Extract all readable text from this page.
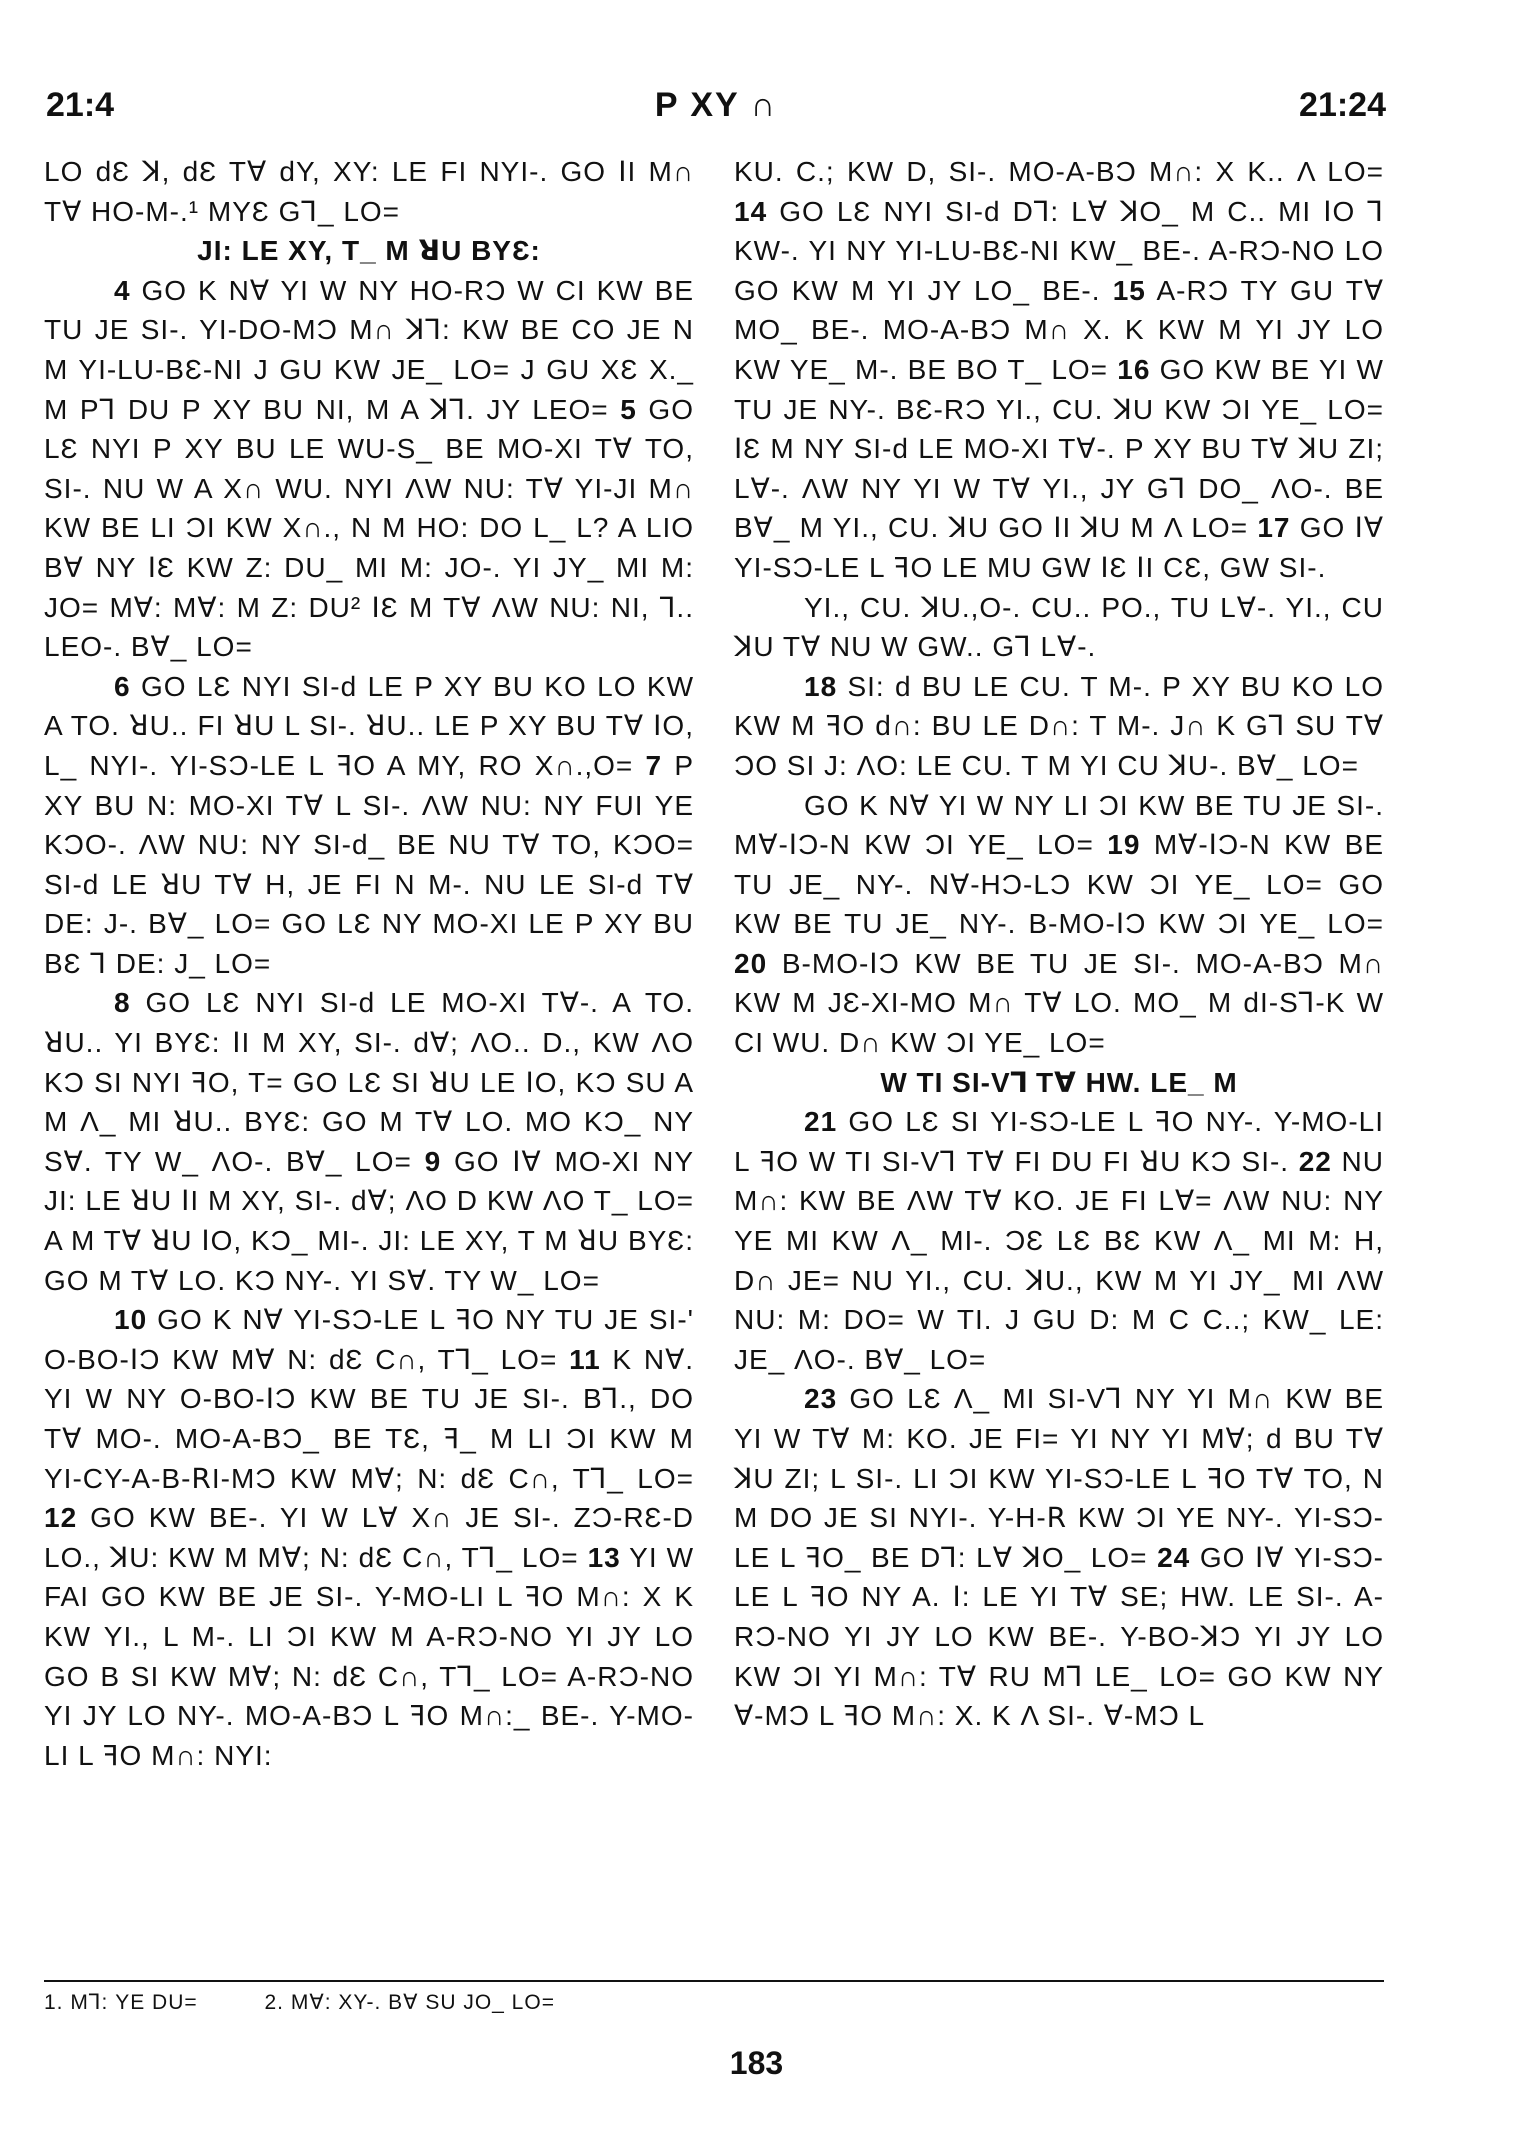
21:4	P XY ∩	21:24

LO ԁƐ ꓘ, ԁƐ T∀ ԁY, XY: LE FI NYI-. GO ꓲI M∩ T∀ HO-M-.¹ MYƐ Gꓶ_ LO=

JI: LE XY, T_ M ꓤU BYƐ:

4 GO K N∀ YI W NY HO-RƆ W CI KW BE TU JE SI-. YI-DO-MƆ M∩ ꓘꓶ: KW BE CO JE N M YI-LU-BƐ-NI J GU KW JE_ LO= J GU XƐ X._ M Pꓶ DU P XY BU NI, M A ꓘꓶ. JY LEO= 5 GO LƐ NYI P XY BU LE WU-S_ BE MO-XI T∀ TO, SI-. NU W A X∩ WU. NYI ΛW NU: T∀ YI-JI M∩ KW BE LI ƆI KW X∩., N M HO: DO L_ L? A LIO B∀ NY ꓲƐ KW Z: DU_ MI M: JO-. YI JY_ MI M: JO= M∀: M∀: M Z: DU² ꓲƐ M T∀ ΛW NU: NI, ꓶ.. LEO-. B∀_ LO=

6 GO LƐ NYI SI-ԁ LE P XY BU KO LO KW A TO. ꓤU.. FI ꓤU L SI-. ꓤU.. LE P XY BU T∀ ꓲO, L_ NYI-. YI-SƆ-LE L ꟻO A MY, RO X∩.,O= 7 P XY BU N: MO-XI T∀ L SI-. ΛW NU: NY FUI YE KƆO-. ΛW NU: NY SI-ԁ_ BE NU T∀ TO, KƆO= SI-ԁ LE ꓤU T∀ H, JE FI N M-. NU LE SI-ԁ T∀ DE: J-. B∀_ LO= GO LƐ NY MO-XI LE P XY BU BƐ ꓶ DE: J_ LO=

8 GO LƐ NYI SI-ԁ LE MO-XI T∀-. A TO. ꓤU.. YI BYƐ: ꓲI M XY, SI-. ԁ∀; ΛO.. D., KW ΛO KƆ SI NYI ꟻO, T= GO LƐ SI ꓤU LE ꓲO, KƆ SU A M Λ_ MI ꓤU.. BYƐ: GO M T∀ LO. MO KƆ_ NY S∀. TY W_ ΛO-. B∀_ LO= 9 GO ꓲ∀ MO-XI NY JI: LE ꓤU ꓲI M XY, SI-. ԁ∀; ΛO D KW ΛO T_ LO= A M T∀ ꓤU ꓲO, KƆ_ MI-. JI: LE XY, T M ꓤU BYƐ: GO M T∀ LO. KƆ NY-. YI S∀. TY W_ LO=

10 GO K N∀ YI-SƆ-LE L ꟻO NY TU JE SI-' O-BO-ꓲƆ KW M∀ N: ԁƐ C∩, Tꓶ_ LO= 11 K N∀. YI W NY O-BO-ꓲƆ KW BE TU JE SI-. Bꓶ., DO T∀ MO-. MO-A-BƆ_ BE TƐ, ꟻ_ M LI ƆI KW M YI-CY-A-B-ꓣI-MƆ KW M∀; N: ԁƐ C∩, Tꓶ_ LO= 12 GO KW BE-. YI W L∀ X∩ JE SI-. ZƆ-RƐ-D LO., ꓘU: KW M M∀; N: ԁƐ C∩, Tꓶ_ LO= 13 YI W FAI GO KW BE JE SI-. Y-MO-LI L ꟻO M∩: X K KW YI., L M-. LI ƆI KW M A-RƆ-NO YI JY LO GO B SI KW M∀; N: ԁƐ C∩, Tꓶ_ LO= A-RƆ-NO YI JY LO NY-. MO-A-BƆ L ꟻO M∩:_ BE-. Y-MO-LI L ꟻO M∩: NYI:

KU. C.; KW D, SI-. MO-A-BƆ M∩: X K.. Λ LO= 14 GO LƐ NYI SI-ԁ Dꓶ: L∀ ꓘO_ M C.. MI ꓲO ꓶ KW-. YI NY YI-LU-BƐ-NI KW_ BE-. A-RƆ-NO LO GO KW M YI JY LO_ BE-. 15 A-RƆ TY GU T∀ MO_ BE-. MO-A-BƆ M∩ X. K KW M YI JY LO KW YE_ M-. BE BO T_ LO= 16 GO KW BE YI W TU JE NY-. BƐ-RƆ YI., CU. ꓘU KW ƆI YE_ LO= ꓲƐ M NY SI-ԁ LE MO-XI T∀-. P XY BU T∀ ꓘU ZI; L∀-. ΛW NY YI W T∀ YI., JY Gꓶ DO_ ΛO-. BE B∀_ M YI., CU. ꓘU GO ꓲI ꓘU M Λ LO= 17 GO ꓲ∀ YI-SƆ-LE L ꟻO LE MU GW ꓲƐ ꓲI CƐ, GW SI-.

YI., CU. ꓘU.,O-. CU.. PO., TU L∀-. YI., CU ꓘU T∀ NU W GW.. Gꓶ L∀-.

18 SI: ԁ BU LE CU. T M-. P XY BU KO LO KW M ꟻO ԁ∩: BU LE D∩: T M-. J∩ K Gꓶ SU T∀ ƆO SI J: ΛO: LE CU. T M YI CU ꓘU-. B∀_ LO=

GO K N∀ YI W NY LI ƆI KW BE TU JE SI-. M∀-ꓲƆ-N KW ƆI YE_ LO= 19 M∀-ꓲƆ-N KW BE TU JE_ NY-. N∀-HƆ-LƆ KW ƆI YE_ LO= GO KW BE TU JE_ NY-. B-MO-ꓲƆ KW ƆI YE_ LO= 20 B-MO-ꓲƆ KW BE TU JE SI-. MO-A-BƆ M∩ KW M JƐ-XI-MO M∩ T∀ LO. MO_ M ԁI-Sꓶ-K W CI WU. D∩ KW ƆI YE_ LO=

W TI SI-Vꓶ T∀ HW. LE_ M

21 GO LƐ SI YI-SƆ-LE L ꟻO NY-. Y-MO-LI L ꟻO W TI SI-Vꓶ T∀ FI DU FI ꓤU KƆ SI-. 22 NU M∩: KW BE ΛW T∀ KO. JE FI L∀= ΛW NU: NY YE MI KW Λ_ MI-. ƆƐ LƐ BƐ KW Λ_ MI M: H, D∩ JE= NU YI., CU. ꓘU., KW M YI JY_ MI ΛW NU: M: DO= W TI. J GU D: M C C..; KW_ LE: JE_ ΛO-. B∀_ LO=

23 GO LƐ Λ_ MI SI-Vꓶ NY YI M∩ KW BE YI W T∀ M: KO. JE FI= YI NY YI M∀; ԁ BU T∀ ꓘU ZI; L SI-. LI ƆI KW YI-SƆ-LE L ꟻO T∀ TO, N M DO JE SI NYI-. Y-H-ꓣ KW ƆI YE NY-. YI-SƆ-LE L ꟻO_ BE Dꓶ: L∀ ꓘO_ LO= 24 GO ꓲ∀ YI-SƆ-LE L ꟻO NY A. ꓲ: LE YI T∀ SE; HW. LE SI-. A-RƆ-NO YI JY LO KW BE-. Y-BO-ꓘƆ YI JY LO KW ƆI YI M∩: T∀ RU Mꓶ LE_ LO= GO KW NY ∀-MƆ L ꟻO M∩: X. K Λ SI-. ∀-MƆ L

1. Mꓶ: YE DU=	2. M∀: XY-. B∀ SU JO_ LO=
183
